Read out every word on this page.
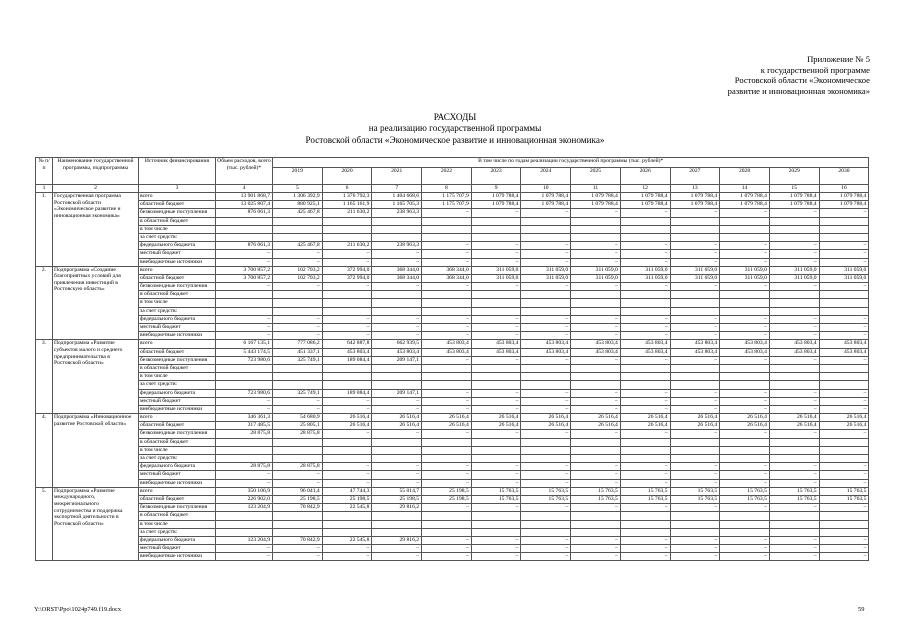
Приложение № 5
к государственной программе
Ростовской области «Экономическое
развитие и инновационная экономика»
РАСХОДЫ
на реализацию государственной программы
Ростовской области «Экономическое развитие и инновационная экономика»
№ п/п	Наименование государственной программы, подпрограммы	Источник финансирования	Объем расходов, всего (тыс. рублей)*	В том числе по годам реализации государственной программы (тыс. рублей)*											
				2019	2020	2021	2022	2023	2024	2025	2026	2027	2028	2029	2030
1	2	3	4	5	6	7	8	9	10	11	12	13	14	15	16
1.	Государственная программа Ростовской области «Экономическое развитие и инновационная экономика»	всего	13 901 868,7	1 306 392,9	1 376 792,3	1 404 668,6	1 175 707,9	1 079 788,4	1 079 788,4	1 079 788,4	1 079 788,4	1 079 788,4	1 079 788,4	1 079 788,4	1 079 788,4
		областной бюджет	13 025 807,4	880 925,1	1 165 161,9	1 165 705,3	1 175 707,9	1 079 788,4	1 079 788,4	1 079 788,4	1 079 788,4	1 079 788,4	1 079 788,4	1 079 788,4	1 079 788,4
		безвозмездные поступления	876 061,3	425 467,8	211 630,2	238 963,3	–	–	–	–	–	–	–	–	–
		в областной бюджет													
		в том числе													
		за счет средств:													
		федерального бюджета	876 061,3	425 467,8	211 630,2	238 963,3	–	–	–	–	–	–	–	–	–
		местный бюджет	–	–	–	–	–	–	–	–	–	–	–	–	–
		внебюджетные источники	–	–	–	–	–	–	–	–	–	–	–	–	–
2.	Подпрограмма «Создание благоприятных условий для привлечения инвестиций в Ростовскую область»	всего	3 700 857,2	102 703,2	372 994,0	368 344,0	368 344,0	311 059,0	311 059,0	311 059,0	311 059,0	311 059,0	311 059,0	311 059,0	311 059,0
		областной бюджет	3 700 857,2	102 703,2	372 994,0	368 344,0	368 344,0	311 059,0	311 059,0	311 059,0	311 059,0	311 059,0	311 059,0	311 059,0	311 059,0
		безвозмездные поступления	–	–	–	–	–	–	–	–	–	–	–	–	–
		в областной бюджет													
		в том числе													
		за счет средств:													
		федерального бюджета	–	–	–	–	–	–	–	–	–	–	–	–	–
		местный бюджет	–	–	–	–	–	–	–	–	–	–	–	–	–
		внебюджетные источники	–	–	–	–	–	–	–	–	–	–	–	–	–
3.	Подпрограмма «Развитие субъектов малого и среднего предпринимательства в Ростовской области»	всего	6 167 135,1	777 086,2	642 887,8	662 939,5	453 803,4	453 803,4	453 803,4	453 803,4	453 803,4	453 803,4	453 803,4	453 803,4	453 803,4
		областной бюджет	5 443 174,5	451 337,1	453 803,4	453 803,4	453 803,4	453 803,4	453 803,4	453 803,4	453 803,4	453 803,4	453 803,4	453 803,4	453 803,4
		безвозмездные поступления	723 980,6	325 749,1	189 084,4	209 147,1	–	–	–	–	–	–	–	–	–
		в областной бюджет													
		в том числе													
		за счет средств:													
		федерального бюджета	723 980,6	325 749,1	189 084,4	209 147,1	–	–	–	–	–	–	–	–	–
		местный бюджет	–	–	–	–	–	–	–	–	–	–	–	–	–
		внебюджетные источники	–	–	–	–	–	–	–	–	–	–	–	–	–
4.	Подпрограмма «Инновационное развитие Ростовской области»	всего	346 361,3	54 680,9	26 516,4	26 516,4	26 516,4	26 516,4	26 516,4	26 516,4	26 516,4	26 516,4	26 516,4	26 516,4	26 516,4
		областной бюджет	317 485,5	25 805,1	26 516,4	26 516,4	26 516,4	26 516,4	26 516,4	26 516,4	26 516,4	26 516,4	26 516,4	26 516,4	26 516,4
		безвозмездные поступления	28 875,8	28 875,8	–	–	–	–	–	–	–	–	–	–	–
		в областной бюджет													
		в том числе													
		за счет средств:													
		федерального бюджета	28 875,8	28 875,8	–	–	–	–	–	–	–	–	–	–	–
		местный бюджет	–	–	–	–	–	–	–	–	–	–	–	–	–
		внебюджетные источники	–	–	–	–	–	–	–	–	–	–	–	–	–
5.	Подпрограмма «Развитие международного, межрегионального сотрудничества и поддержка экспортной деятельности в Ростовской области»	всего	350 106,9	96 041,4	47 744,3	55 014,7	25 198,5	15 763,5	15 763,5	15 763,5	15 763,5	15 763,5	15 763,5	15 763,5	15 763,5
		областной бюджет	226 902,0	25 198,5	25 198,5	25 198,5	25 198,5	15 763,5	15 763,5	15 763,5	15 763,5	15 763,5	15 763,5	15 763,5	15 763,5
		безвозмездные поступления	123 204,9	70 842,9	22 545,8	29 816,2	–	–	–	–	–	–	–	–	–
		в областной бюджет													
		в том числе													
		за счет средств:													
		федерального бюджета	123 204,9	70 842,9	22 545,8	29 816,2	–	–	–	–	–	–	–	–	–
		местный бюджет	–	–	–	–	–	–	–	–	–	–	–	–	–
		внебюджетные источники	–	–	–	–	–	–	–	–	–	–	–	–	–
Y:\ORST\Ppo\1024p749.f19.docx	59
